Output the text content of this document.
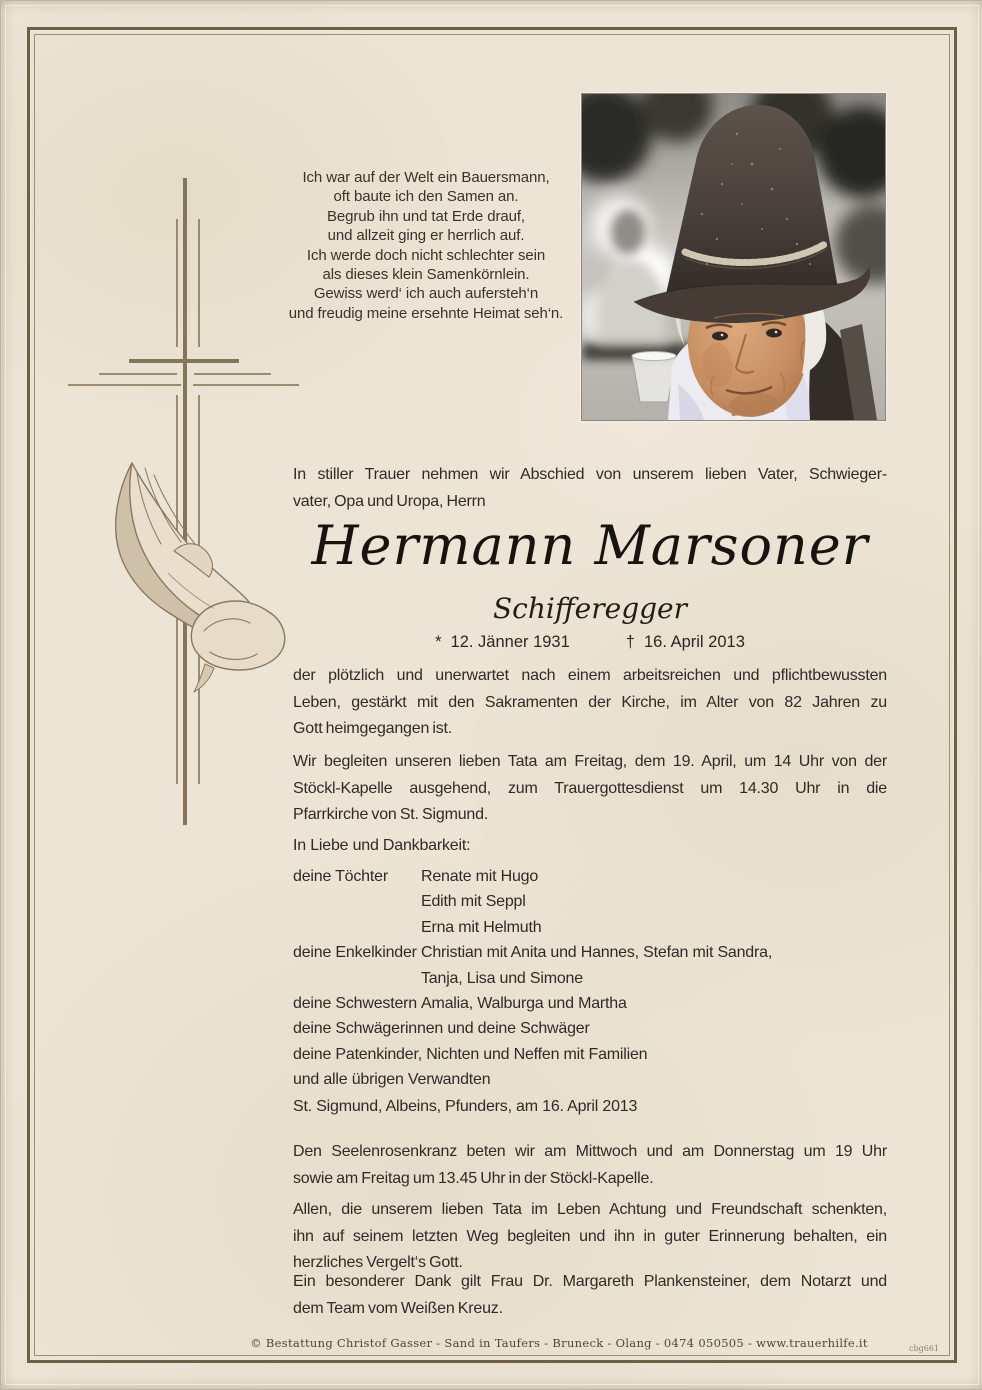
Ich war auf der Welt ein Bauersmann,
oft baute ich den Samen an.
Begrub ihn und tat Erde drauf,
und allzeit ging er herrlich auf.
Ich werde doch nicht schlechter sein
als dieses klein Samenkörnlein.
Gewiss werd‘ ich auch aufersteh‘n
und freudig meine ersehnte Heimat seh‘n.
In stiller Trauer nehmen wir Abschied von unserem lieben Vater, Schwieger-
vater, Opa und Uropa, Herrn
Hermann Marsoner
Schifferegger
* 12. Jänner 1931	† 16. April 2013
der plötzlich und unerwartet nach einem arbeitsreichen und pflichtbewussten
Leben, gestärkt mit den Sakramenten der Kirche, im Alter von 82 Jahren zu
Gott heimgegangen ist.
Wir begleiten unseren lieben Tata am Freitag, dem 19. April, um 14 Uhr von der
Stöckl-Kapelle ausgehend, zum Trauergottesdienst um 14.30 Uhr in die
Pfarrkirche von St. Sigmund.
In Liebe und Dankbarkeit:
deine Töchter	Renate mit Hugo
Edith mit Seppl
Erna mit Helmuth
deine Enkelkinder Christian mit Anita und Hannes, Stefan mit Sandra,
Tanja, Lisa und Simone
deine Schwestern Amalia, Walburga und Martha
deine Schwägerinnen und deine Schwäger
deine Patenkinder, Nichten und Neffen mit Familien
und alle übrigen Verwandten
St. Sigmund, Albeins, Pfunders, am 16. April 2013
Den Seelenrosenkranz beten wir am Mittwoch und am Donnerstag um 19 Uhr
sowie am Freitag um 13.45 Uhr in der Stöckl-Kapelle.
Allen, die unserem lieben Tata im Leben Achtung und Freundschaft schenkten,
ihn auf seinem letzten Weg begleiten und ihn in guter Erinnerung behalten, ein
herzliches Vergelt‘s Gott.
Ein besonderer Dank gilt Frau Dr. Margareth Plankensteiner, dem Notarzt und
dem Team vom Weißen Kreuz.
© Bestattung Christof Gasser - Sand in Taufers - Bruneck - Olang - 0474 050505 - www.trauerhilfe.it	cbg661
